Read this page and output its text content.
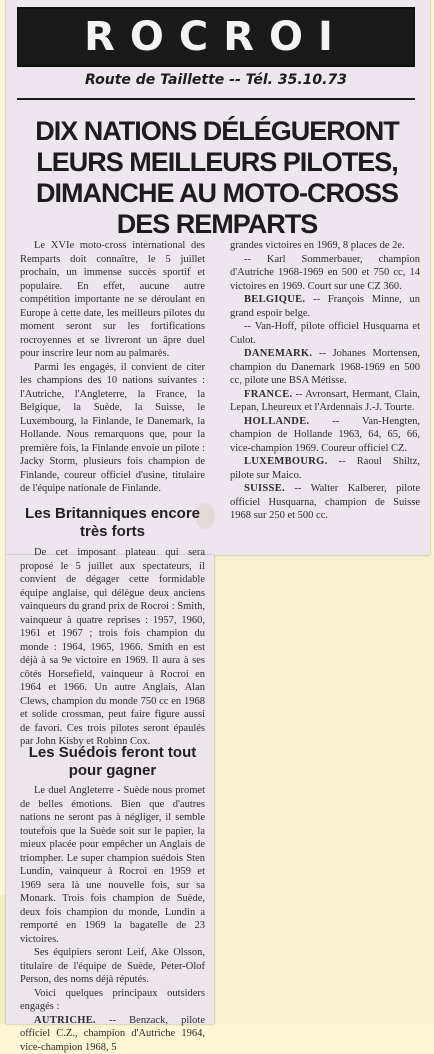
ROCROI
Route de Taillette -- Tél. 35.10.73
DIX NATIONS DÉLÉGUERONT LEURS MEILLEURS PILOTES, DIMANCHE AU MOTO-CROSS DES REMPARTS

Le XVIe moto-cross international des Remparts doit connaître, le 5 juillet prochain, un immense succès sportif et populaire. En effet, aucune autre compétition importante ne se déroulant en Europe à cette date, les meilleurs pilotes du moment seront sur les fortifications rocroyennes et se livreront un âpre duel pour inscrire leur nom au palmarès.

Parmi les engagés, il convient de citer les champions des 10 nations suivantes : l'Autriche, l'Angleterre, la France, la Belgique, la Suède, la Suisse, le Luxembourg, la Finlande, le Danemark, la Hollande. Nous remarquons que, pour la première fois, la Finlande envoie un pilote : Jacky Storm, plusieurs fois champion de Finlande, coureur officiel d'usine, titulaire de l'équipe nationale de Finlande.

Les Britanniques encore très forts

De cet imposant plateau qui sera proposé le 5 juillet aux spectateurs, il convient de dégager cette formidable équipe anglaise, qui délègue deux anciens vainqueurs du grand prix de Rocroi : Smith, vainqueur à quatre reprises : 1957, 1960, 1961 et 1967 ; trois fois champion du monde : 1964, 1965, 1966. Smith en est déjà à sa 9e victoire en 1969. Il aura à ses côtés Horsefield, vainqueur à Rocroi en 1964 et 1966. Un autre Anglais, Alan Clews, champion du monde 750 cc en 1968 et solide crossman, peut faire figure aussi de favori. Ces trois pilotes seront épaulés par John Kisby et Robinn Cox.

Les Suédois feront tout pour gagner

Le duel Angleterre - Suède nous promet de belles émotions. Bien que d'autres nations ne seront pas à négliger, il semble toutefois que la Suède soit sur le papier, la mieux placée pour empêcher un Anglais de triompher. Le super champion suédois Sten Lundin, vainqueur à Rocroi en 1959 et 1969 sera là une nouvelle fois, sur sa Monark. Trois fois champion de Suède, deux fois champion du monde, Lundin a remporté en 1969 la bagatelle de 23 victoires.

Ses équipiers seront Leif, Ake Olsson, titulaire de l'équipe de Suède, Peter-Olof Person, des noms déjà réputés.

Voici quelques principaux outsiders engagés :

AUTRICHE. -- Benzack, pilote officiel C.Z., champion d'Autriche 1964, vice-champion 1968, 5

grandes victoires en 1969, 8 places de 2e.

-- Karl Sommerbauer, champion d'Autriche 1968-1969 en 500 et 750 cc, 14 victoires en 1969. Court sur une CZ 360.

BELGIQUE. -- François Minne, un grand espoir belge.

-- Van-Hoff, pilote officiel Husquarna et Culot.

DANEMARK. -- Johanes Mortensen, champion du Danemark 1968-1969 en 500 cc, pilote une BSA Métisse.

FRANCE. -- Avronsart, Hermant, Clain, Lepan, Lheureux et l'Ardennais J.-J. Tourte.

HOLLANDE. -- Van-Hengten, champion de Hollande 1963, 64, 65, 66, vice-champion 1969. Coureur officiel CZ.

LUXEMBOURG. -- Raoul Shiltz, pilote sur Maico.

SUISSE. -- Walter Kalberer, pilote officiel Husquarna, champion de Suisse 1968 sur 250 et 500 cc.
